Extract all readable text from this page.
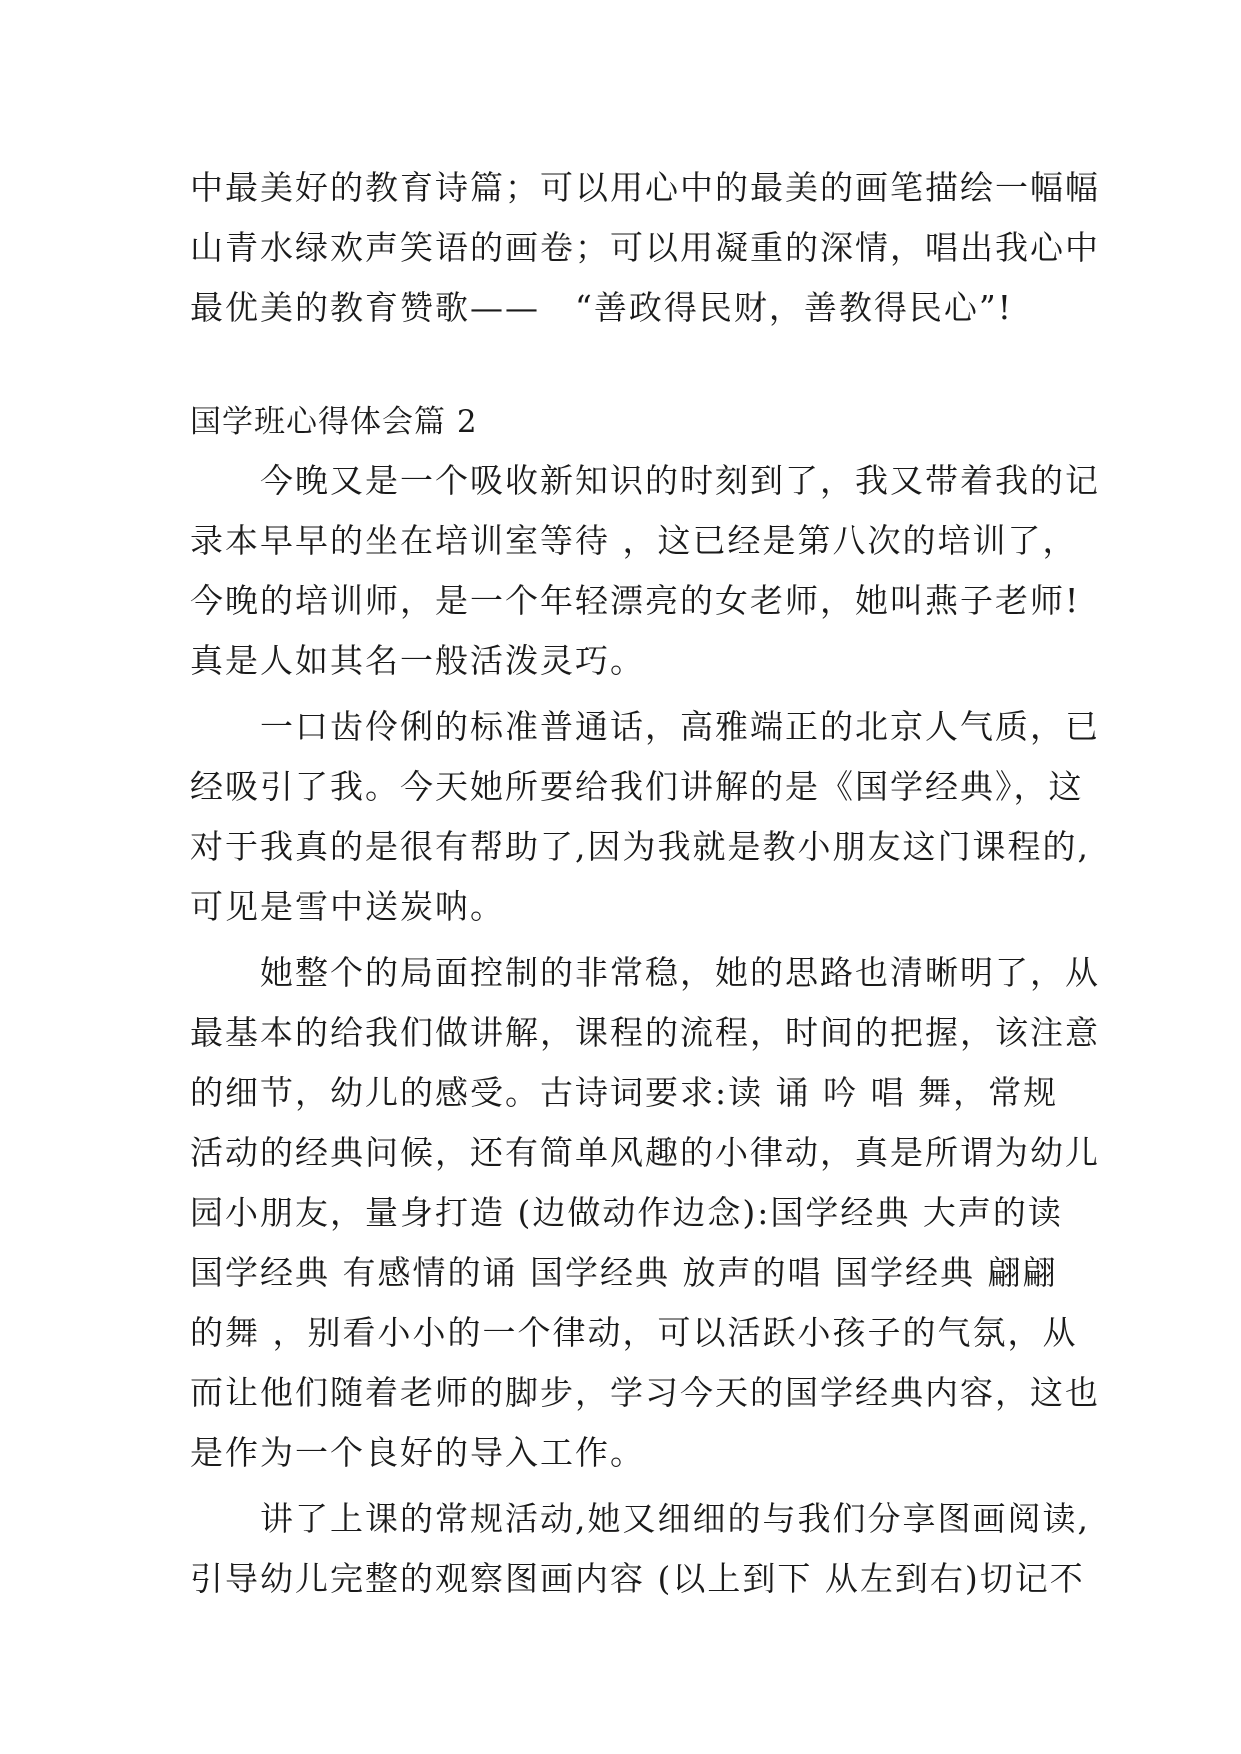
中最美好的教育诗篇；可以用心中的最美的画笔描绘一幅幅
山青水绿欢声笑语的画卷；可以用凝重的深情，唱出我心中
最优美的教育赞歌——　“善政得民财，善教得民心”!
国学班心得体会篇 2
　　今晚又是一个吸收新知识的时刻到了，我又带着我的记
录本早早的坐在培训室等待 ，这已经是第八次的培训了，
今晚的培训师，是一个年轻漂亮的女老师，她叫燕子老师!
真是人如其名一般活泼灵巧。
　　一口齿伶俐的标准普通话，高雅端正的北京人气质，已
经吸引了我。今天她所要给我们讲解的是《国学经典》，这
对于我真的是很有帮助了,因为我就是教小朋友这门课程的,
可见是雪中送炭呐。
　　她整个的局面控制的非常稳，她的思路也清晰明了，从
最基本的给我们做讲解，课程的流程，时间的把握，该注意
的细节，幼儿的感受。古诗词要求:读 诵 吟 唱 舞，常规
活动的经典问候，还有简单风趣的小律动，真是所谓为幼儿
园小朋友，量身打造 (边做动作边念):国学经典 大声的读
国学经典 有感情的诵 国学经典 放声的唱 国学经典 翩翩
的舞 ，别看小小的一个律动，可以活跃小孩子的气氛，从
而让他们随着老师的脚步，学习今天的国学经典内容，这也
是作为一个良好的导入工作。
　　讲了上课的常规活动,她又细细的与我们分享图画阅读,
引导幼儿完整的观察图画内容 (以上到下 从左到右)切记不
